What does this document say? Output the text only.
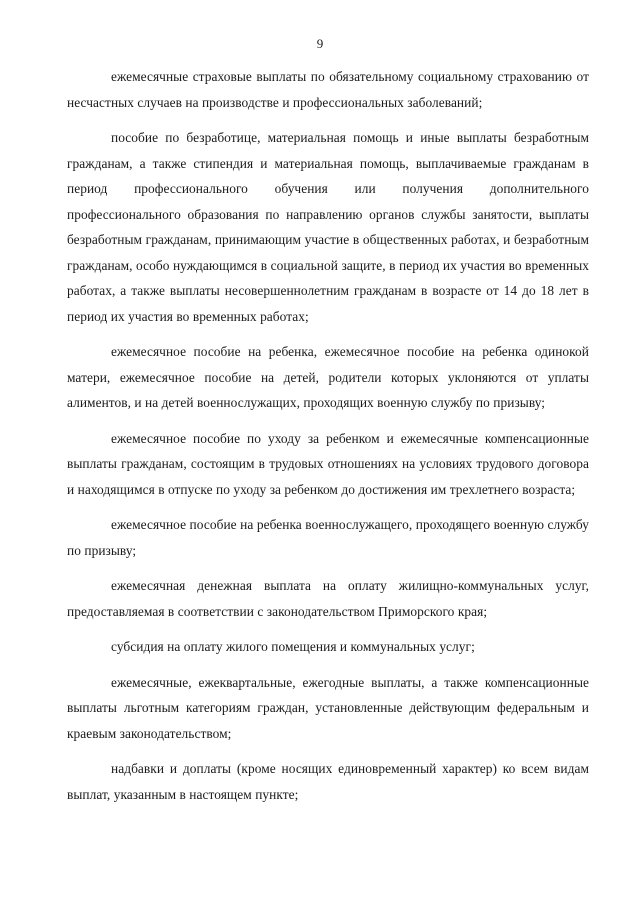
9

ежемесячные страховые выплаты по обязательному социальному страхованию от несчастных случаев на производстве и профессиональных заболеваний;

пособие по безработице, материальная помощь и иные выплаты безработным гражданам, а также стипендия и материальная помощь, выплачиваемые гражданам в период профессионального обучения или получения дополнительного профессионального образования по направлению органов службы занятости, выплаты безработным гражданам, принимающим участие в общественных работах, и безработным гражданам, особо нуждающимся в социальной защите, в период их участия во временных работах, а также выплаты несовершеннолетним гражданам в возрасте от 14 до 18 лет в период их участия во временных работах;

ежемесячное пособие на ребенка, ежемесячное пособие на ребенка одинокой матери, ежемесячное пособие на детей, родители которых уклоняются от уплаты алиментов, и на детей военнослужащих, проходящих военную службу по призыву;

ежемесячное пособие по уходу за ребенком и ежемесячные компенсационные выплаты гражданам, состоящим в трудовых отношениях на условиях трудового договора и находящимся в отпуске по уходу за ребенком до достижения им трехлетнего возраста;

ежемесячное пособие на ребенка военнослужащего, проходящего военную службу по призыву;

ежемесячная денежная выплата на оплату жилищно-коммунальных услуг, предоставляемая в соответствии с законодательством Приморского края;

субсидия на оплату жилого помещения и коммунальных услуг;

ежемесячные, ежеквартальные, ежегодные выплаты, а также компенсационные выплаты льготным категориям граждан, установленные действующим федеральным и краевым законодательством;

надбавки и доплаты (кроме носящих единовременный характер) ко всем видам выплат, указанным в настоящем пункте;
